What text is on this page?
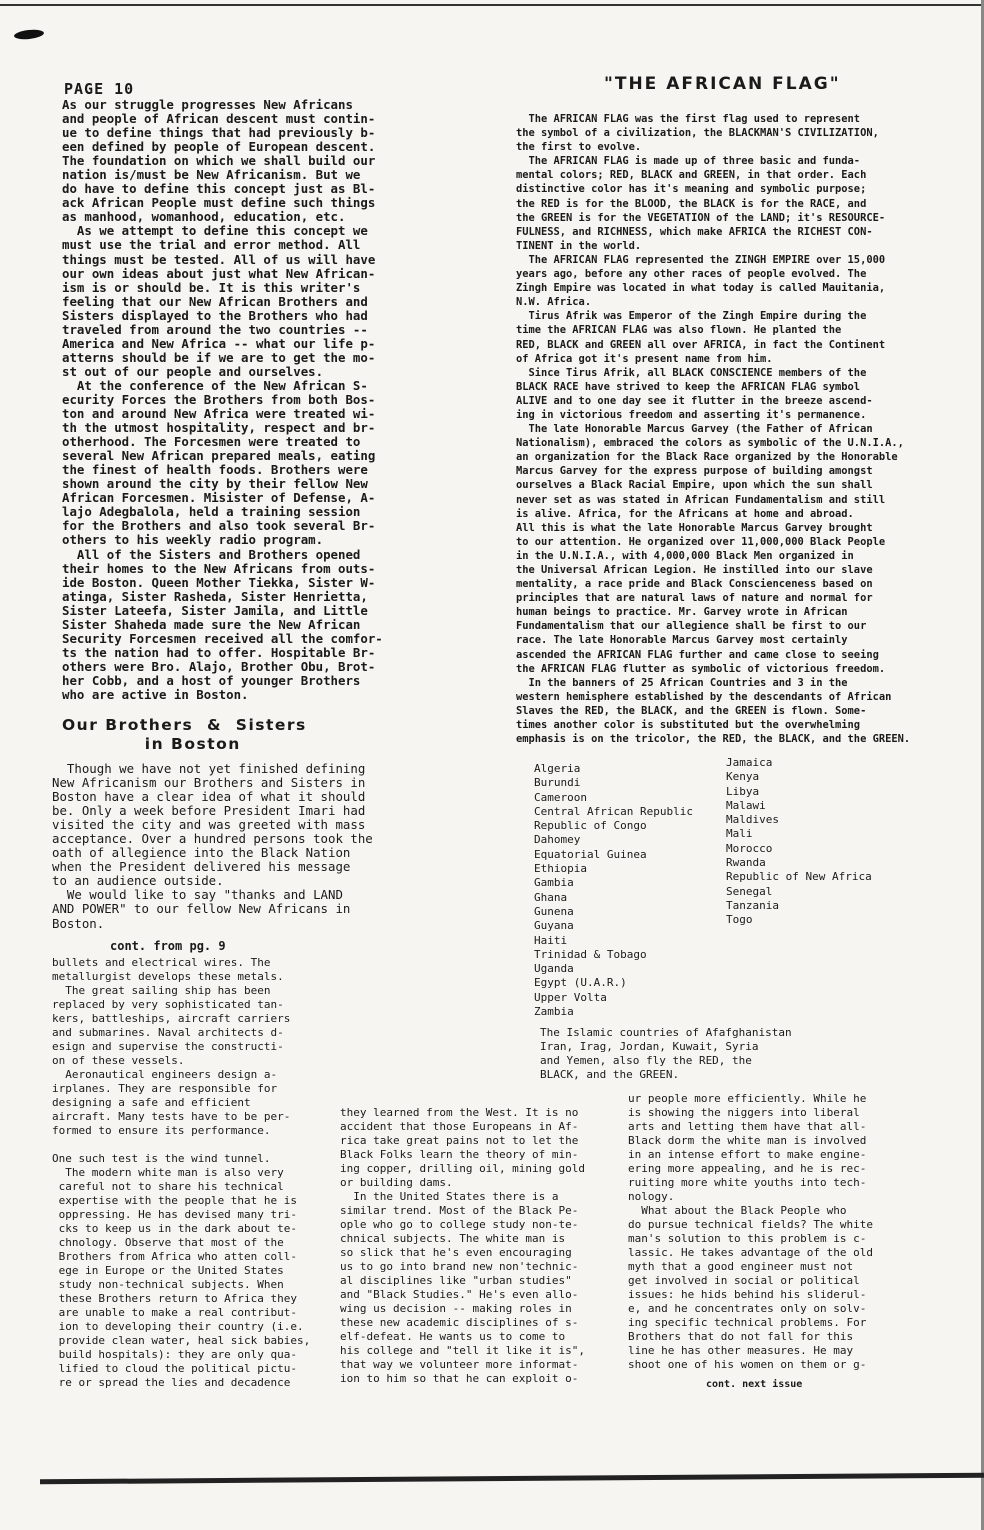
PAGE 10	"THE AFRICAN FLAG"
As our struggle progresses New Africans
and people of African descent must contin-
ue to define things that had previously b-
een defined by people of European descent.
The foundation on which we shall build our
nation is/must be New Africanism. But we
do have to define this concept just as Bl-
ack African People must define such things
as manhood, womanhood, education, etc.
As we attempt to define this concept we
must use the trial and error method. All
things must be tested. All of us will have
our own ideas about just what New African-
ism is or should be. It is this writer's
feeling that our New African Brothers and
Sisters displayed to the Brothers who had
traveled from around the two countries --
America and New Africa -- what our life p-
atterns should be if we are to get the mo-
st out of our people and ourselves.
At the conference of the New African S-
ecurity Forces the Brothers from both Bos-
ton and around New Africa were treated wi-
th the utmost hospitality, respect and br-
otherhood. The Forcesmen were treated to
several New African prepared meals, eating
the finest of health foods. Brothers were
shown around the city by their fellow New
African Forcesmen. Misister of Defense, A-
lajo Adegbalola, held a training session
for the Brothers and also took several Br-
others to his weekly radio program.
All of the Sisters and Brothers opened
their homes to the New Africans from outs-
ide Boston. Queen Mother Tiekka, Sister W-
atinga, Sister Rasheda, Sister Henrietta,
Sister Lateefa, Sister Jamila, and Little
Sister Shaheda made sure the New African
Security Forcesmen received all the comfor-
ts the nation had to offer. Hospitable Br-
others were Bro. Alajo, Brother Obu, Brot-
her Cobb, and a host of younger Brothers
who are active in Boston.
Our Brothers  &  Sisters
in Boston
Though we have not yet finished defining
New Africanism our Brothers and Sisters in
Boston have a clear idea of what it should
be. Only a week before President Imari had
visited the city and was greeted with mass
acceptance. Over a hundred persons took the
oath of allegience into the Black Nation
when the President delivered his message
to an audience outside.
We would like to say "thanks and LAND
AND POWER" to our fellow New Africans in
Boston.
cont. from pg. 9
bullets and electrical wires. The
metallurgist develops these metals.
The great sailing ship has been
replaced by very sophisticated tan-
kers, battleships, aircraft carriers
and submarines. Naval architects d-
esign and supervise the constructi-
on of these vessels.
Aeronautical engineers design a-
irplanes. They are responsible for
designing a safe and efficient
aircraft. Many tests have to be per-
formed to ensure its performance.

One such test is the wind tunnel.
The modern white man is also very
careful not to share his technical
expertise with the people that he is
oppressing. He has devised many tri-
cks to keep us in the dark about te-
chnology. Observe that most of the
Brothers from Africa who atten coll-
ege in Europe or the United States
study non-technical subjects. When
these Brothers return to Africa they
are unable to make a real contribut-
ion to developing their country (i.e.
provide clean water, heal sick babies,
build hospitals): they are only qua-
lified to cloud the political pictu-
re or spread the lies and decadence
they learned from the West. It is no
accident that those Europeans in Af-
rica take great pains not to let the
Black Folks learn the theory of min-
ing copper, drilling oil, mining gold
or building dams.
In the United States there is a
similar trend. Most of the Black Pe-
ople who go to college study non-te-
chnical subjects. The white man is
so slick that he's even encouraging
us to go into brand new non'technic-
al disciplines like "urban studies"
and "Black Studies." He's even allo-
wing us decision -- making roles in
these new academic disciplines of s-
elf-defeat. He wants us to come to
his college and "tell it like it is",
that way we volunteer more informat-
ion to him so that he can exploit o-
ur people more efficiently. While he
is showing the niggers into liberal
arts and letting them have that all-
Black dorm the white man is involved
in an intense effort to make engine-
ering more appealing, and he is rec-
ruiting more white youths into tech-
nology.
What about the Black People who
do pursue technical fields? The white
man's solution to this problem is c-
lassic. He takes advantage of the old
myth that a good engineer must not
get involved in social or political
issues: he hids behind his sliderul-
e, and he concentrates only on solv-
ing specific technical problems. For
Brothers that do not fall for this
line he has other measures. He may
shoot one of his women on them or g-
cont. next issue
The AFRICAN FLAG was the first flag used to represent
the symbol of a civilization, the BLACKMAN'S CIVILIZATION,
the first to evolve.
The AFRICAN FLAG is made up of three basic and funda-
mental colors; RED, BLACK and GREEN, in that order. Each
distinctive color has it's meaning and symbolic purpose;
the RED is for the BLOOD, the BLACK is for the RACE, and
the GREEN is for the VEGETATION of the LAND; it's RESOURCE-
FULNESS, and RICHNESS, which make AFRICA the RICHEST CON-
TINENT in the world.
The AFRICAN FLAG represented the ZINGH EMPIRE over 15,000
years ago, before any other races of people evolved. The
Zingh Empire was located in what today is called Mauitania,
N.W. Africa.
Tirus Afrik was Emperor of the Zingh Empire during the
time the AFRICAN FLAG was also flown. He planted the
RED, BLACK and GREEN all over AFRICA, in fact the Continent
of Africa got it's present name from him.
Since Tirus Afrik, all BLACK CONSCIENCE members of the
BLACK RACE have strived to keep the AFRICAN FLAG symbol
ALIVE and to one day see it flutter in the breeze ascend-
ing in victorious freedom and asserting it's permanence.
The late Honorable Marcus Garvey (the Father of African
Nationalism), embraced the colors as symbolic of the U.N.I.A.,
an organization for the Black Race organized by the Honorable
Marcus Garvey for the express purpose of building amongst
ourselves a Black Racial Empire, upon which the sun shall
never set as was stated in African Fundamentalism and still
is alive. Africa, for the Africans at home and abroad.
All this is what the late Honorable Marcus Garvey brought
to our attention. He organized over 11,000,000 Black People
in the U.N.I.A., with 4,000,000 Black Men organized in
the Universal African Legion. He instilled into our slave
mentality, a race pride and Black Conscienceness based on
principles that are natural laws of nature and normal for
human beings to practice. Mr. Garvey wrote in African
Fundamentalism that our allegience shall be first to our
race. The late Honorable Marcus Garvey most certainly
ascended the AFRICAN FLAG further and came close to seeing
the AFRICAN FLAG flutter as symbolic of victorious freedom.
In the banners of 25 African Countries and 3 in the
western hemisphere established by the descendants of African
Slaves the RED, the BLACK, and the GREEN is flown. Some-
times another color is substituted but the overwhelming
emphasis is on the tricolor, the RED, the BLACK, and the GREEN.
Algeria
Burundi
Cameroon
Central African Republic
Republic of Congo
Dahomey
Equatorial Guinea
Ethiopia
Gambia
Ghana
Gunena
Guyana
Haiti
Trinidad & Tobago
Uganda
Egypt (U.A.R.)
Upper Volta
Zambia
Jamaica
Kenya
Libya
Malawi
Maldives
Mali
Morocco
Rwanda
Republic of New Africa
Senegal
Tanzania
Togo
The Islamic countries of Afafghanistan
Iran, Irag, Jordan, Kuwait, Syria
and Yemen, also fly the RED, the
BLACK, and the GREEN.
